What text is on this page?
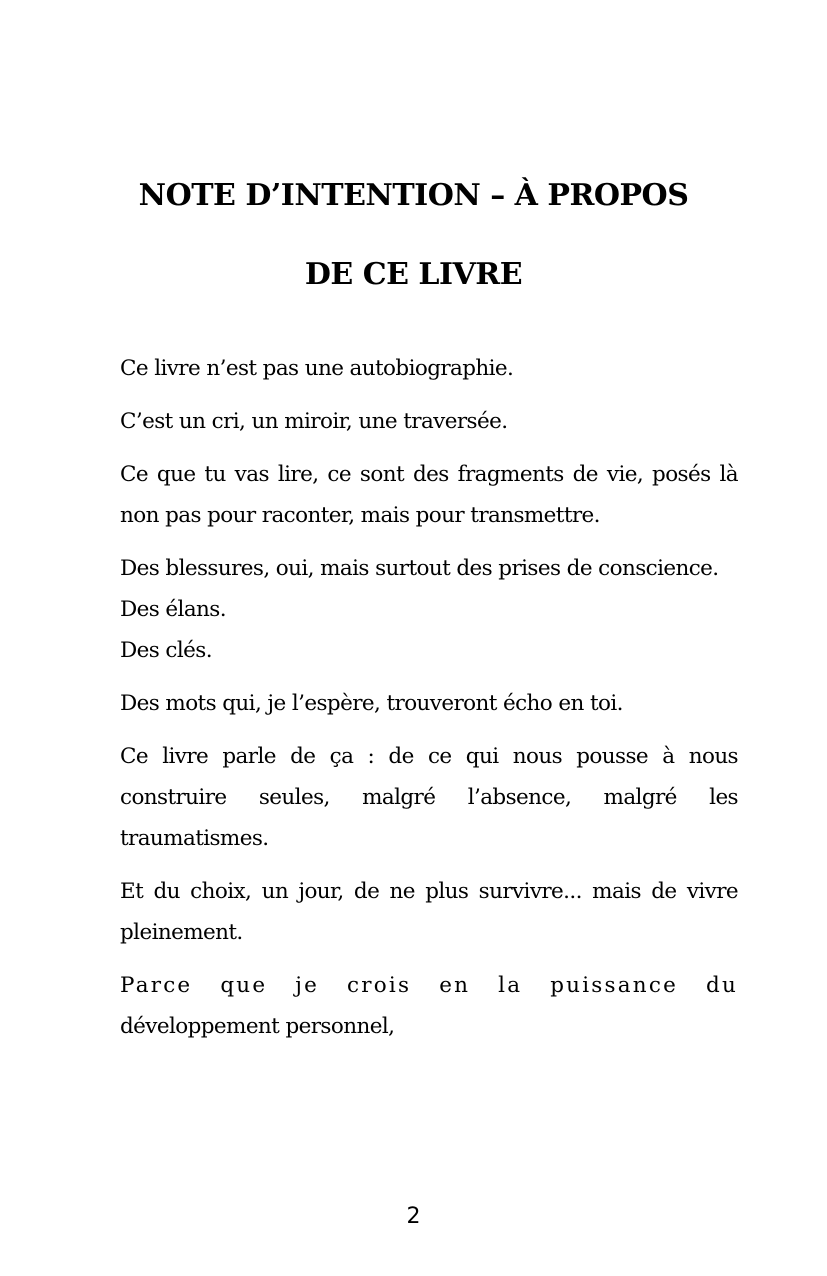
NOTE D’INTENTION – À PROPOS
DE CE LIVRE

Ce livre n’est pas une autobiographie.

C’est un cri, un miroir, une traversée.

Ce que tu vas lire, ce sont des fragments de vie, posés là non pas pour raconter, mais pour transmettre.

Des blessures, oui, mais surtout des prises de conscience.

Des élans.

Des clés.

Des mots qui, je l’espère, trouveront écho en toi.

Ce livre parle de ça : de ce qui nous pousse à nous construire seules, malgré l’absence, malgré les traumatismes.

Et du choix, un jour, de ne plus survivre... mais de vivre pleinement.

Parce que je crois en la puissance du
développement personnel,

2
